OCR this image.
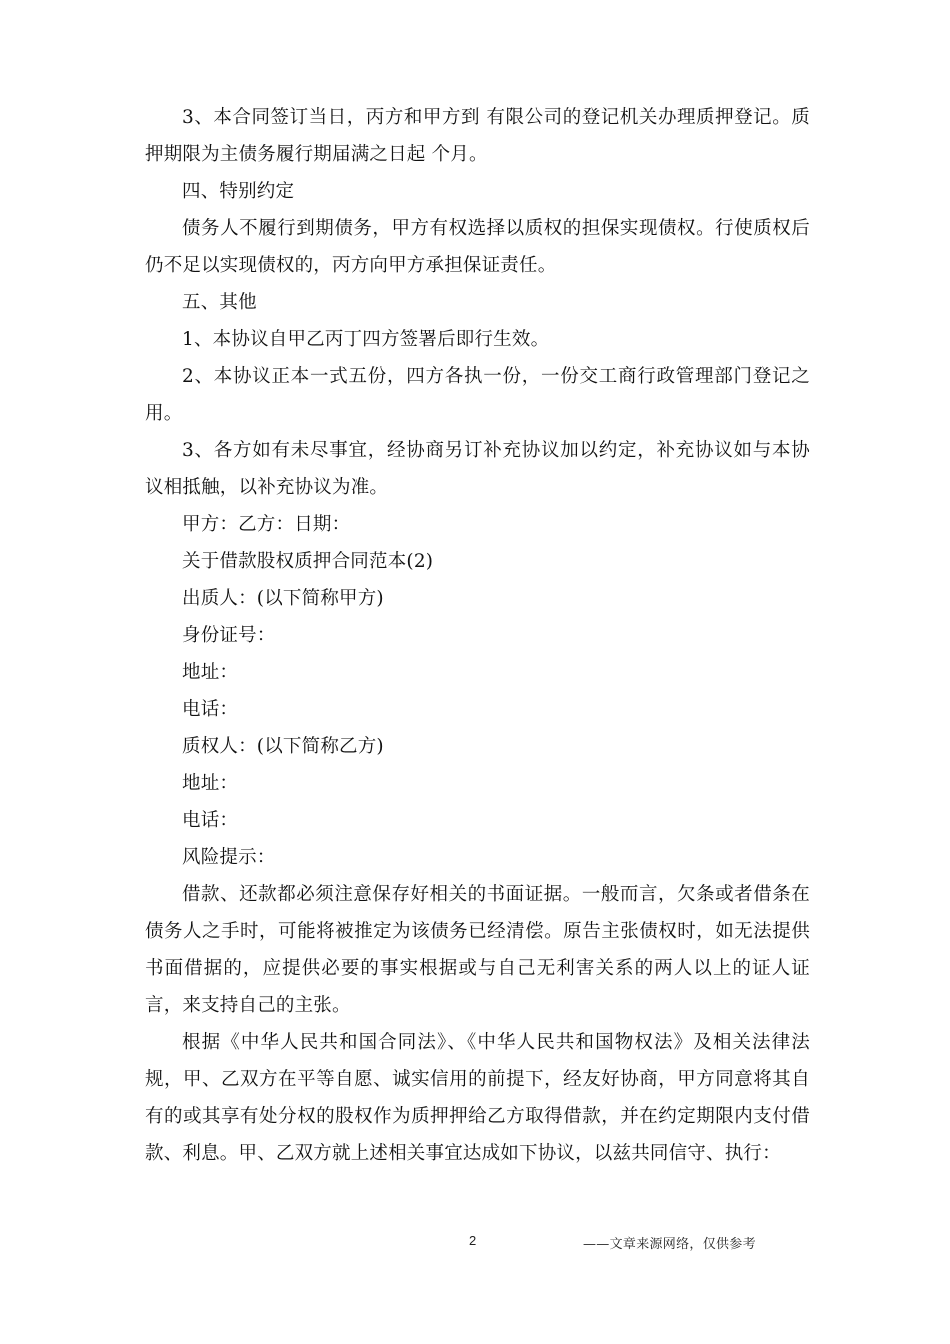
3、本合同签订当日，丙方和甲方到 有限公司的登记机关办理质押登记。质押期限为主债务履行期届满之日起 个月。

四、特别约定

债务人不履行到期债务，甲方有权选择以质权的担保实现债权。行使质权后仍不足以实现债权的，丙方向甲方承担保证责任。

五、其他

1、本协议自甲乙丙丁四方签署后即行生效。

2、本协议正本一式五份，四方各执一份，一份交工商行政管理部门登记之用。

3、各方如有未尽事宜，经协商另订补充协议加以约定，补充协议如与本协议相抵触，以补充协议为准。

甲方：乙方：日期：

关于借款股权质押合同范本(2)

出质人：(以下简称甲方)

身份证号：

地址：

电话：

质权人：(以下简称乙方)

地址：

电话：

风险提示：

借款、还款都必须注意保存好相关的书面证据。一般而言，欠条或者借条在债务人之手时，可能将被推定为该债务已经清偿。原告主张债权时，如无法提供书面借据的，应提供必要的事实根据或与自己无利害关系的两人以上的证人证言，来支持自己的主张。

根据《中华人民共和国合同法》、《中华人民共和国物权法》及相关法律法规，甲、乙双方在平等自愿、诚实信用的前提下，经友好协商，甲方同意将其自有的或其享有处分权的股权作为质押押给乙方取得借款，并在约定期限内支付借款、利息。甲、乙双方就上述相关事宜达成如下协议，以兹共同信守、执行：

2	——文章来源网络，仅供参考
